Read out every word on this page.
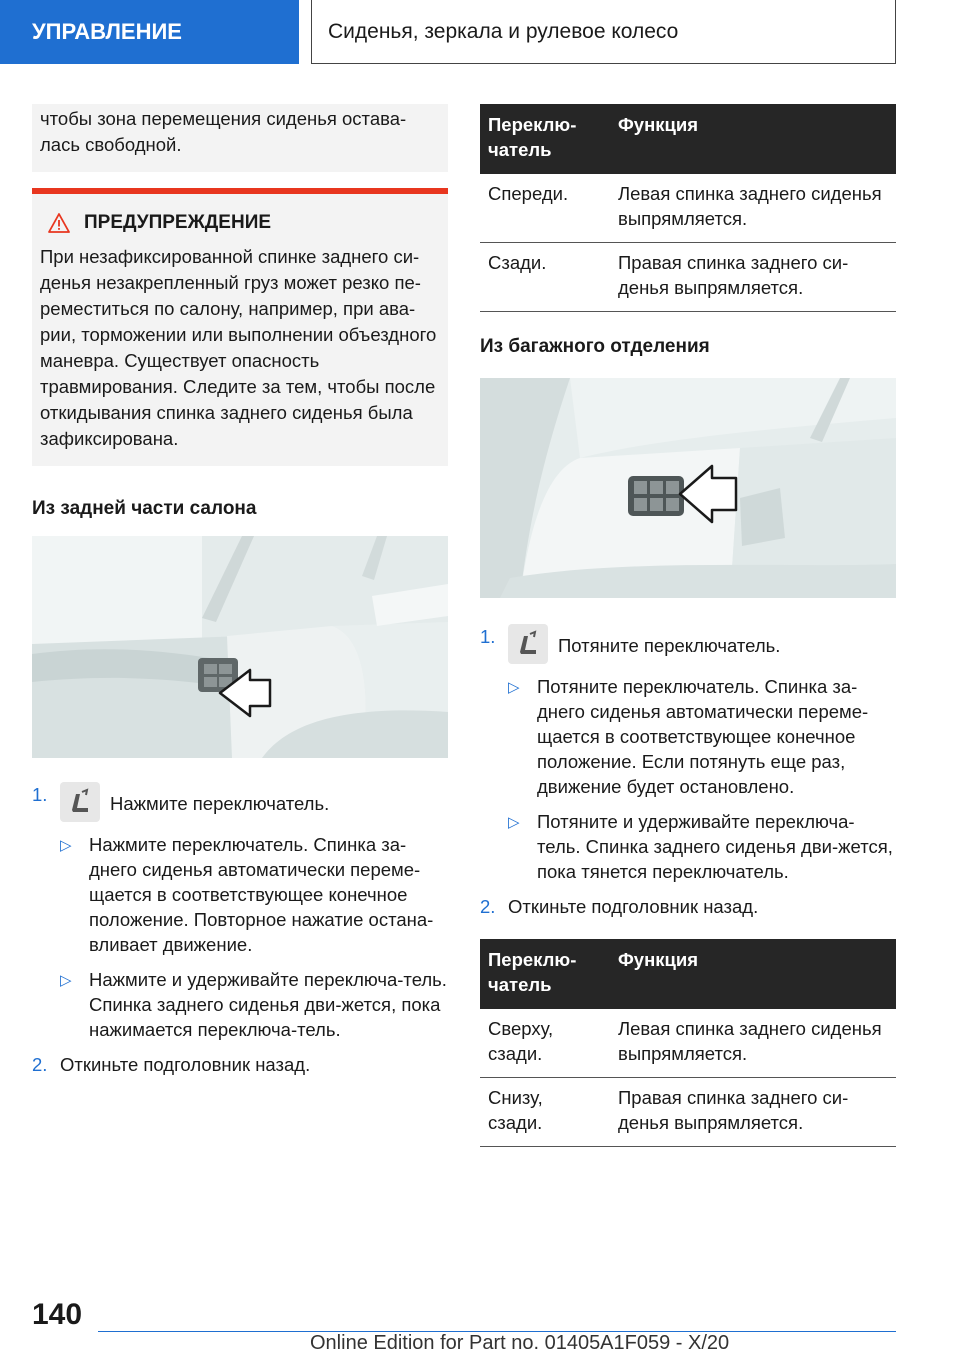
УПРАВЛЕНИЕ	Сиденья, зеркала и рулевое колесо
чтобы зона перемещения сиденья остава-лась свободной.
ПРЕДУПРЕЖДЕНИЕ
При незафиксированной спинке заднего си-денья незакрепленный груз может резко пе-реместиться по салону, например, при ава-рии, торможении или выполнении объездного маневра. Существует опасность травмирования. Следите за тем, чтобы после откидывания спинка заднего сиденья была зафиксирована.
Из задней части салона
1.	Нажмите переключатель.
▷ Нажмите переключатель. Спинка за-днего сиденья автоматически переме-щается в соответствующее конечное положение. Повторное нажатие остана-вливает движение.
▷ Нажмите и удерживайте переключа-тель. Спинка заднего сиденья дви-жется, пока нажимается переключа-тель.
2. Откиньте подголовник назад.
Переклю-чатель	Функция
Спереди.	Левая спинка заднего сиденья выпрямляется.
Сзади.	Правая спинка заднего си-денья выпрямляется.
Из багажного отделения
1.	Потяните переключатель.
▷ Потяните переключатель. Спинка за-днего сиденья автоматически переме-щается в соответствующее конечное положение. Если потянуть еще раз, движение будет остановлено.
▷ Потяните и удерживайте переключа-тель. Спинка заднего сиденья дви-жется, пока тянется переключатель.
2. Откиньте подголовник назад.
Переклю-чатель	Функция
Сверху, сзади.	Левая спинка заднего сиденья выпрямляется.
Снизу, сзади.	Правая спинка заднего си-денья выпрямляется.
140
Online Edition for Part no. 01405A1F059 - X/20
